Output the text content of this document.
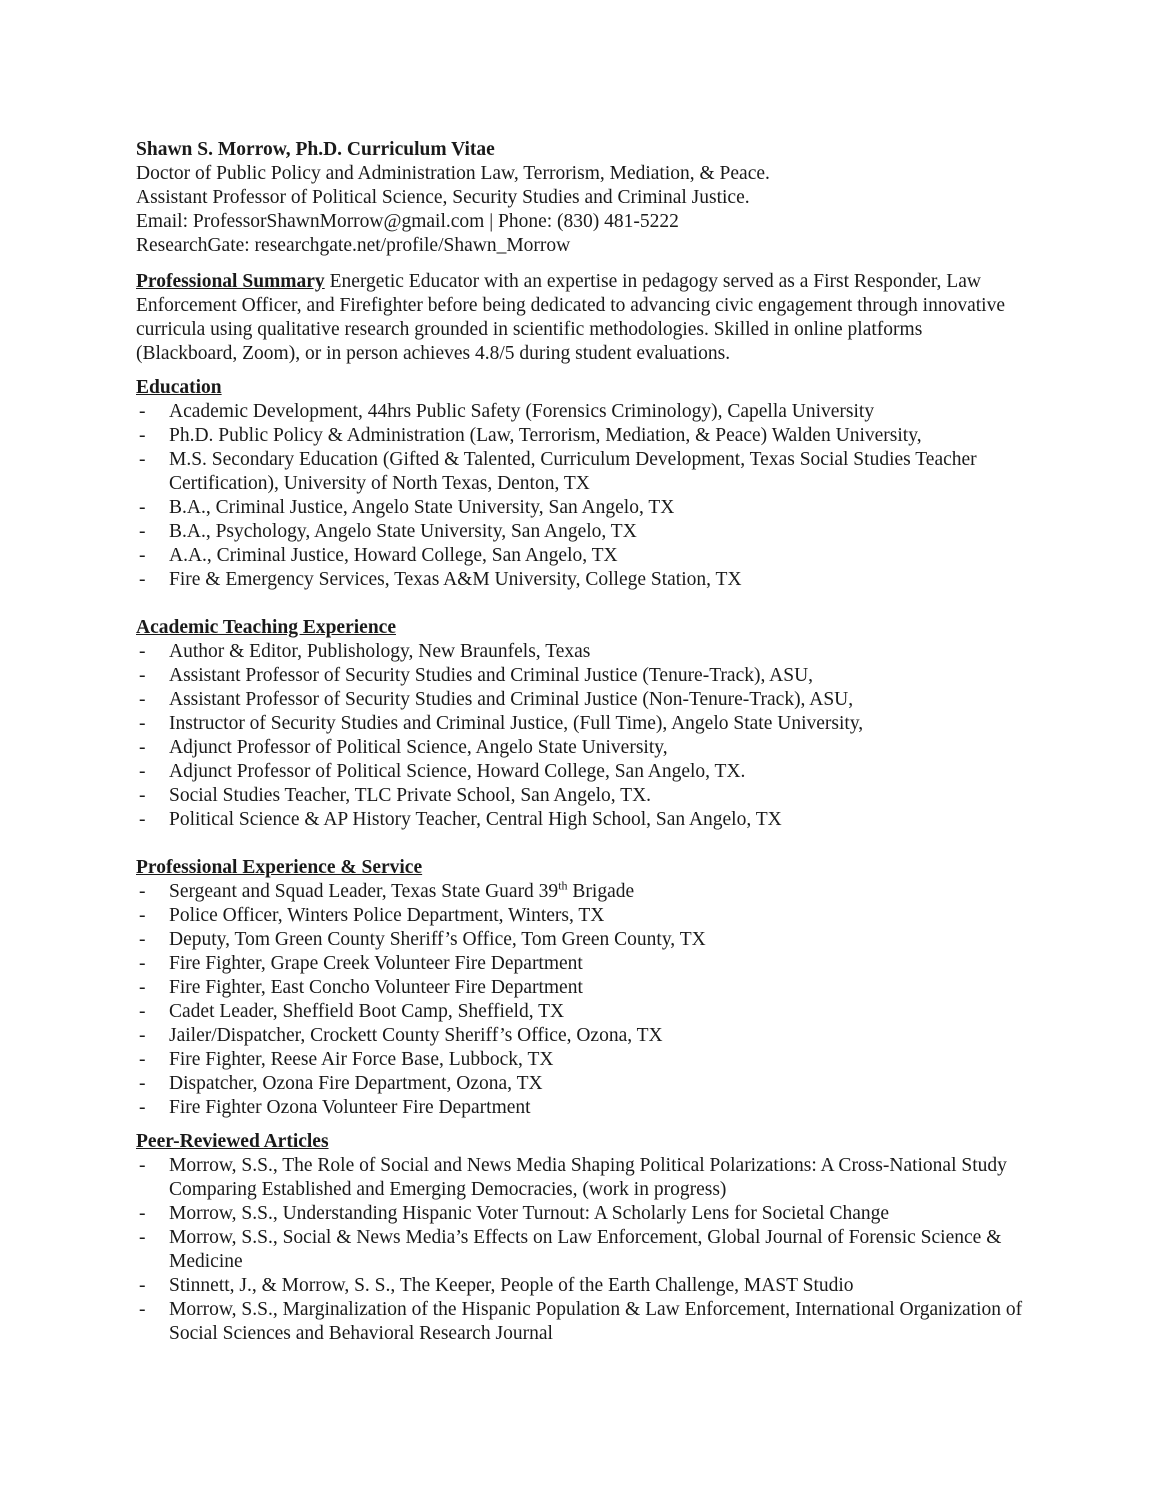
Shawn S. Morrow, Ph.D. Curriculum Vitae

Doctor of Public Policy and Administration Law, Terrorism, Mediation, & Peace.

Assistant Professor of Political Science, Security Studies and Criminal Justice.

Email: ProfessorShawnMorrow@gmail.com | Phone: (830) 481-5222

ResearchGate: researchgate.net/profile/Shawn_Morrow

Professional Summary Energetic Educator with an expertise in pedagogy served as a First Responder, Law Enforcement Officer, and Firefighter before being dedicated to advancing civic engagement through innovative curricula using qualitative research grounded in scientific methodologies. Skilled in online platforms (Blackboard, Zoom), or in person achieves 4.8/5 during student evaluations.

Education

- Academic Development, 44hrs Public Safety (Forensics Criminology), Capella University
- Ph.D. Public Policy & Administration (Law, Terrorism, Mediation, & Peace) Walden University,
- M.S. Secondary Education (Gifted & Talented, Curriculum Development, Texas Social Studies Teacher Certification), University of North Texas, Denton, TX
- B.A., Criminal Justice, Angelo State University, San Angelo, TX
- B.A., Psychology, Angelo State University, San Angelo, TX
- A.A., Criminal Justice, Howard College, San Angelo, TX
- Fire & Emergency Services, Texas A&M University, College Station, TX

Academic Teaching Experience

- Author & Editor, Publishology, New Braunfels, Texas
- Assistant Professor of Security Studies and Criminal Justice (Tenure-Track), ASU,
- Assistant Professor of Security Studies and Criminal Justice (Non-Tenure-Track), ASU,
- Instructor of Security Studies and Criminal Justice, (Full Time), Angelo State University,
- Adjunct Professor of Political Science, Angelo State University,
- Adjunct Professor of Political Science, Howard College, San Angelo, TX.
- Social Studies Teacher, TLC Private School, San Angelo, TX.
- Political Science & AP History Teacher, Central High School, San Angelo, TX

Professional Experience & Service

- Sergeant and Squad Leader, Texas State Guard 39th Brigade
- Police Officer, Winters Police Department, Winters, TX
- Deputy, Tom Green County Sheriff’s Office, Tom Green County, TX
- Fire Fighter, Grape Creek Volunteer Fire Department
- Fire Fighter, East Concho Volunteer Fire Department
- Cadet Leader, Sheffield Boot Camp, Sheffield, TX
- Jailer/Dispatcher, Crockett County Sheriff’s Office, Ozona, TX
- Fire Fighter, Reese Air Force Base, Lubbock, TX
- Dispatcher, Ozona Fire Department, Ozona, TX
- Fire Fighter Ozona Volunteer Fire Department

Peer-Reviewed Articles

- Morrow, S.S., The Role of Social and News Media Shaping Political Polarizations: A Cross-National Study Comparing Established and Emerging Democracies, (work in progress)
- Morrow, S.S., Understanding Hispanic Voter Turnout: A Scholarly Lens for Societal Change
- Morrow, S.S., Social & News Media’s Effects on Law Enforcement, Global Journal of Forensic Science & Medicine
- Stinnett, J., & Morrow, S. S., The Keeper, People of the Earth Challenge, MAST Studio
- Morrow, S.S., Marginalization of the Hispanic Population & Law Enforcement, International Organization of Social Sciences and Behavioral Research Journal
